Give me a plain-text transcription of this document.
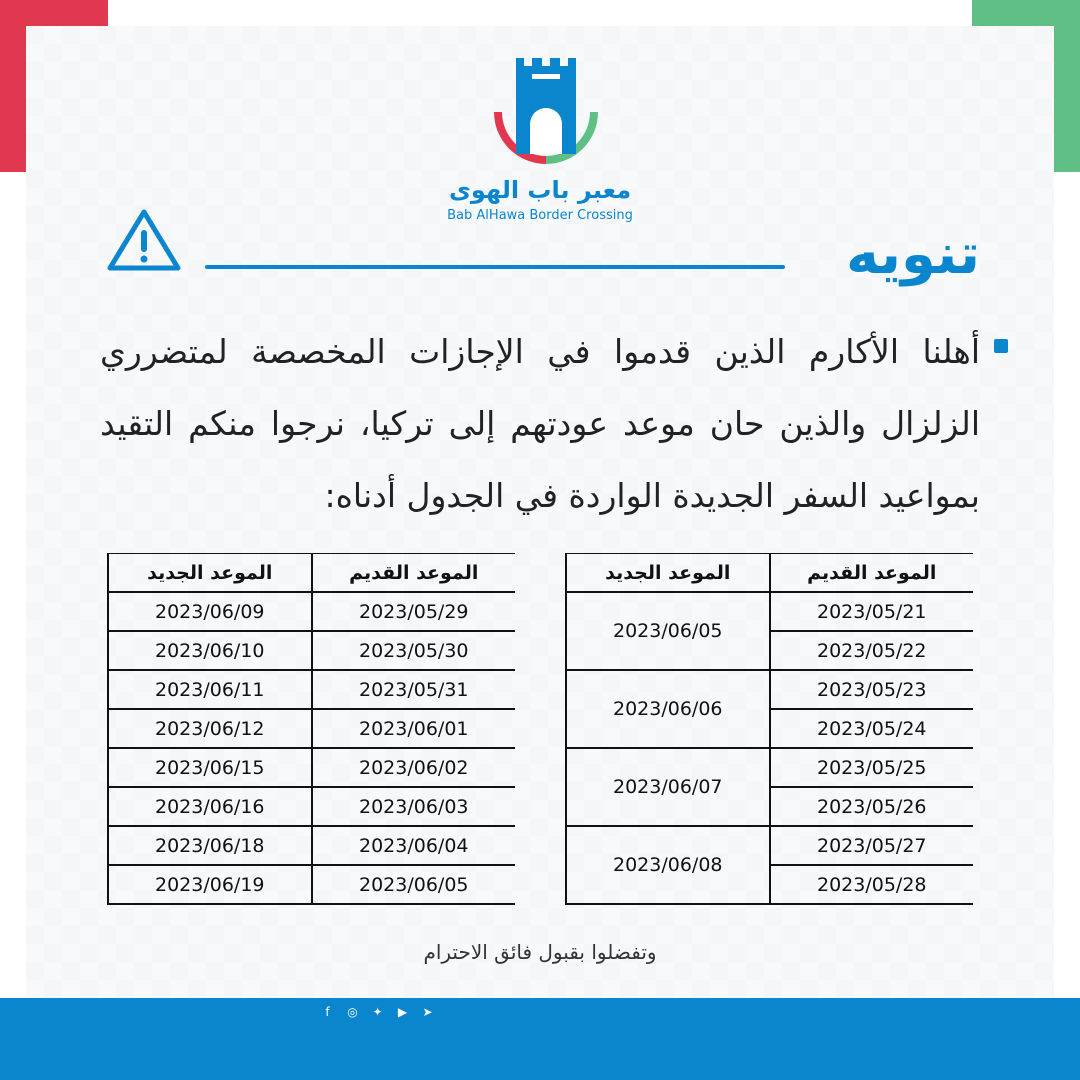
معبر باب الهوى
Bab AlHawa Border Crossing
تنويه
أهلنا الأكارم الذين قدموا في الإجازات المخصصة لمتضرري الزلزال والذين حان موعد عودتهم إلى تركيا، نرجوا منكم التقيد بمواعيد السفر الجديدة الواردة في الجدول أدناه:
الموعد الجديد	الموعد القديم
2023/06/05	2023/05/21
	2023/05/22
2023/06/06	2023/05/23
	2023/05/24
2023/06/07	2023/05/25
	2023/05/26
2023/06/08	2023/05/27
	2023/05/28
الموعد الجديد	الموعد القديم
2023/06/09	2023/05/29
2023/06/10	2023/05/30
2023/06/11	2023/05/31
2023/06/12	2023/06/01
2023/06/15	2023/06/02
2023/06/16	2023/06/03
2023/06/18	2023/06/04
2023/06/19	2023/06/05
وتفضلوا بقبول فائق الاحترام
2023/06/03 م	f	◎	✦	▶	➤	@BabAlHawaBC	babalhawa.net	#نصلك_بالعالم...
